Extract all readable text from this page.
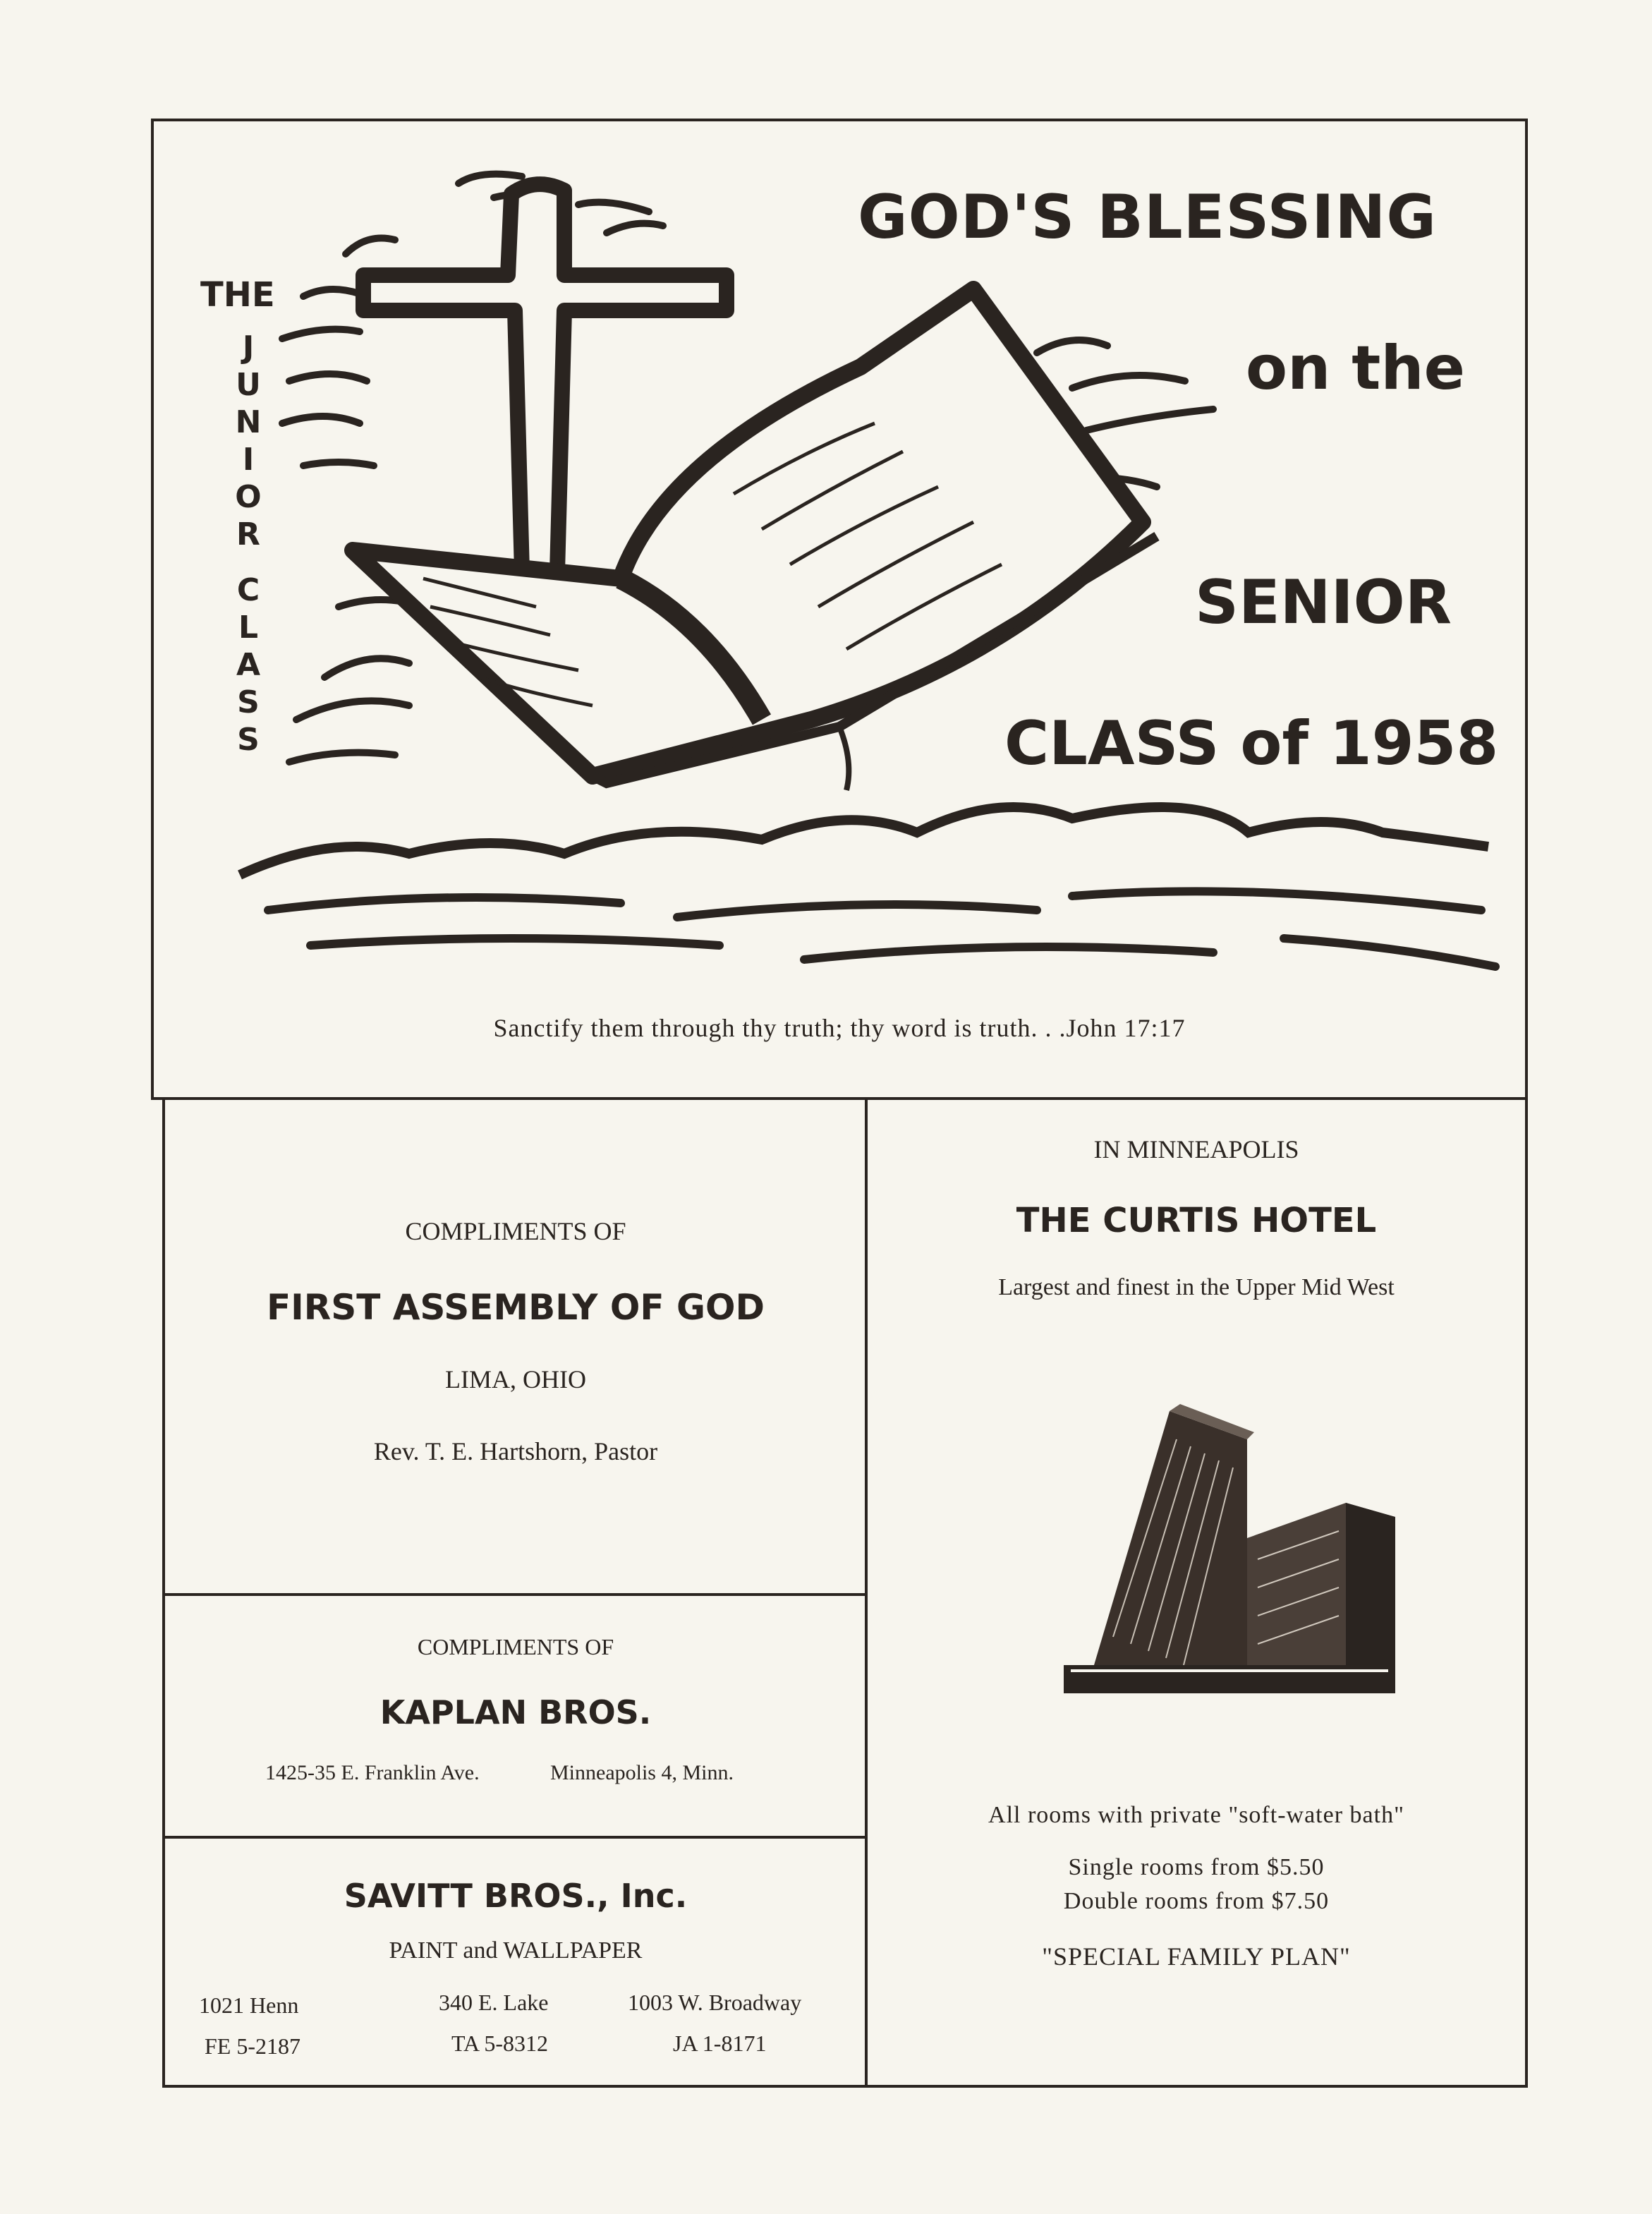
THE
J
U
N
I
O
R
C
L
A
S
S
GOD'S BLESSING
on the
SENIOR
CLASS of 1958
Sanctify them through thy truth; thy word is truth. . .John 17:17
COMPLIMENTS OF
FIRST ASSEMBLY OF GOD
LIMA, OHIO
Rev. T. E. Hartshorn, Pastor
COMPLIMENTS OF
KAPLAN BROS.
1425-35 E. Franklin Ave.	Minneapolis 4, Minn.
SAVITT BROS., Inc.
PAINT and WALLPAPER
1021 Henn
FE 5-2187
340 E. Lake
TA 5-8312
1003 W. Broadway
JA 1-8171
IN MINNEAPOLIS
THE CURTIS HOTEL
Largest and finest in the Upper Mid West
All rooms with private "soft-water bath"
Single rooms from $5.50
Double rooms from $7.50
"SPECIAL FAMILY PLAN"
